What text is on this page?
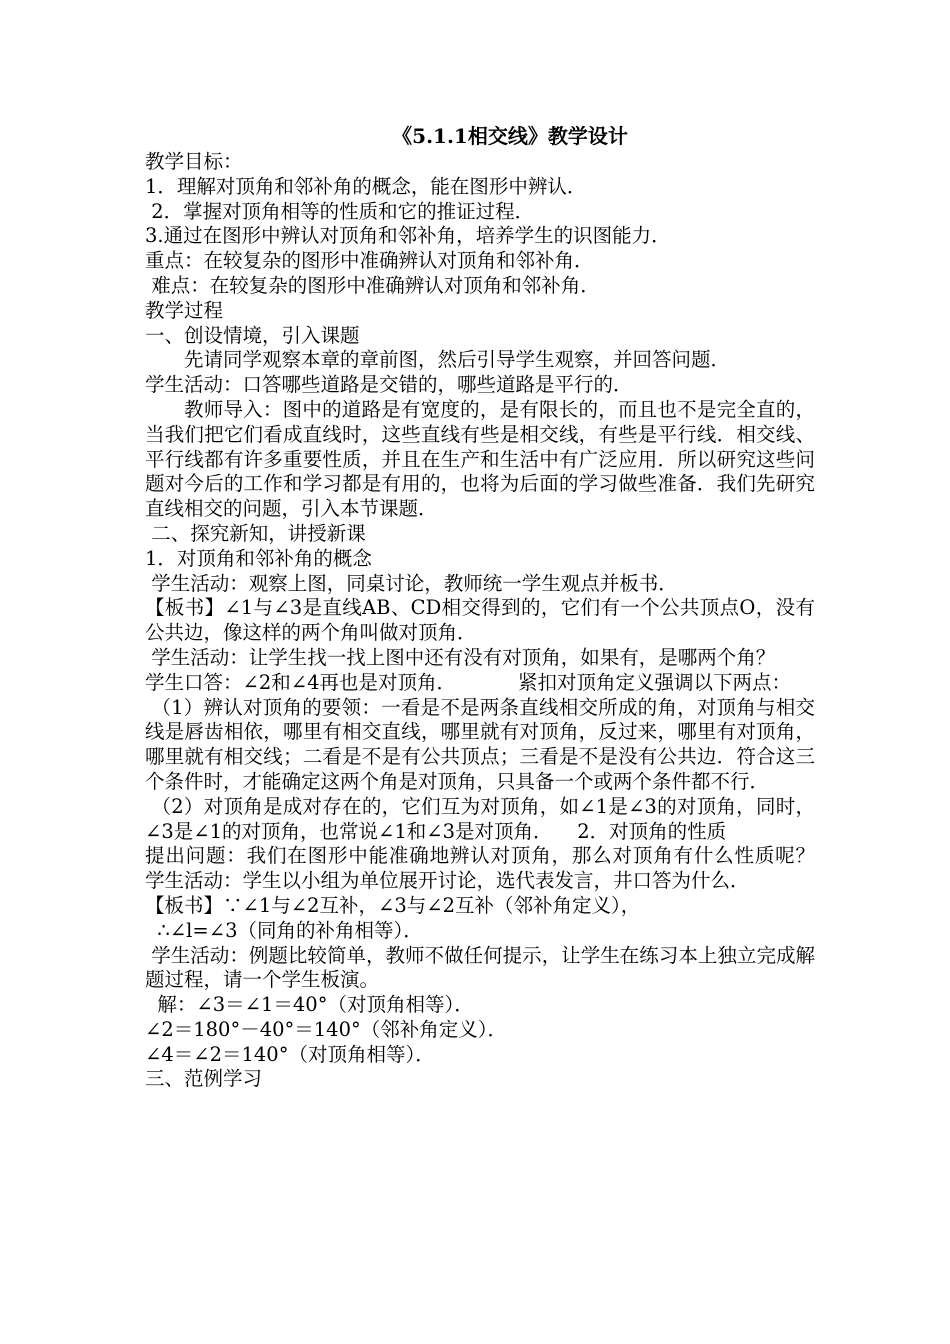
《5.1.1相交线》教学设计

教学目标：

1．理解对顶角和邻补角的概念，能在图形中辨认．

2．掌握对顶角相等的性质和它的推证过程．

3.通过在图形中辨认对顶角和邻补角，培养学生的识图能力．

重点：在较复杂的图形中准确辨认对顶角和邻补角．

难点：在较复杂的图形中准确辨认对顶角和邻补角．

教学过程

一、创设情境，引入课题

先请同学观察本章的章前图，然后引导学生观察，并回答问题．

学生活动：口答哪些道路是交错的，哪些道路是平行的．

教师导入：图中的道路是有宽度的，是有限长的，而且也不是完全直的，当我们把它们看成直线时，这些直线有些是相交线，有些是平行线．相交线、平行线都有许多重要性质，并且在生产和生活中有广泛应用．所以研究这些问题对今后的工作和学习都是有用的，也将为后面的学习做些准备．我们先研究直线相交的问题，引入本节课题．

二、探究新知，讲授新课

1．对顶角和邻补角的概念

学生活动：观察上图，同桌讨论，教师统一学生观点并板书．

【板书】∠1与∠3是直线AB、CD相交得到的，它们有一个公共顶点O，没有公共边，像这样的两个角叫做对顶角．

学生活动：让学生找一找上图中还有没有对顶角，如果有，是哪两个角？

学生口答：∠2和∠4再也是对顶角．          紧扣对顶角定义强调以下两点：

（1）辨认对顶角的要领：一看是不是两条直线相交所成的角，对顶角与相交线是唇齿相依，哪里有相交直线，哪里就有对顶角，反过来，哪里有对顶角，哪里就有相交线；二看是不是有公共顶点；三看是不是没有公共边．符合这三个条件时，才能确定这两个角是对顶角，只具备一个或两个条件都不行．

（2）对顶角是成对存在的，它们互为对顶角，如∠1是∠3的对顶角，同时，∠3是∠1的对顶角，也常说∠1和∠3是对顶角．    2．对顶角的性质

提出问题：我们在图形中能准确地辨认对顶角，那么对顶角有什么性质呢？          学生活动：学生以小组为单位展开讨论，选代表发言，井口答为什么．

【板书】∵∠1与∠2互补，∠3与∠2互补（邻补角定义），

∴∠l=∠3（同角的补角相等）．

学生活动：例题比较简单，教师不做任何提示，让学生在练习本上独立完成解题过程，请一个学生板演。

解：∠3＝∠1＝40°（对顶角相等）．

∠2＝180°－40°＝140°（邻补角定义）．

∠4＝∠2＝140°（对顶角相等）．

三、范例学习
